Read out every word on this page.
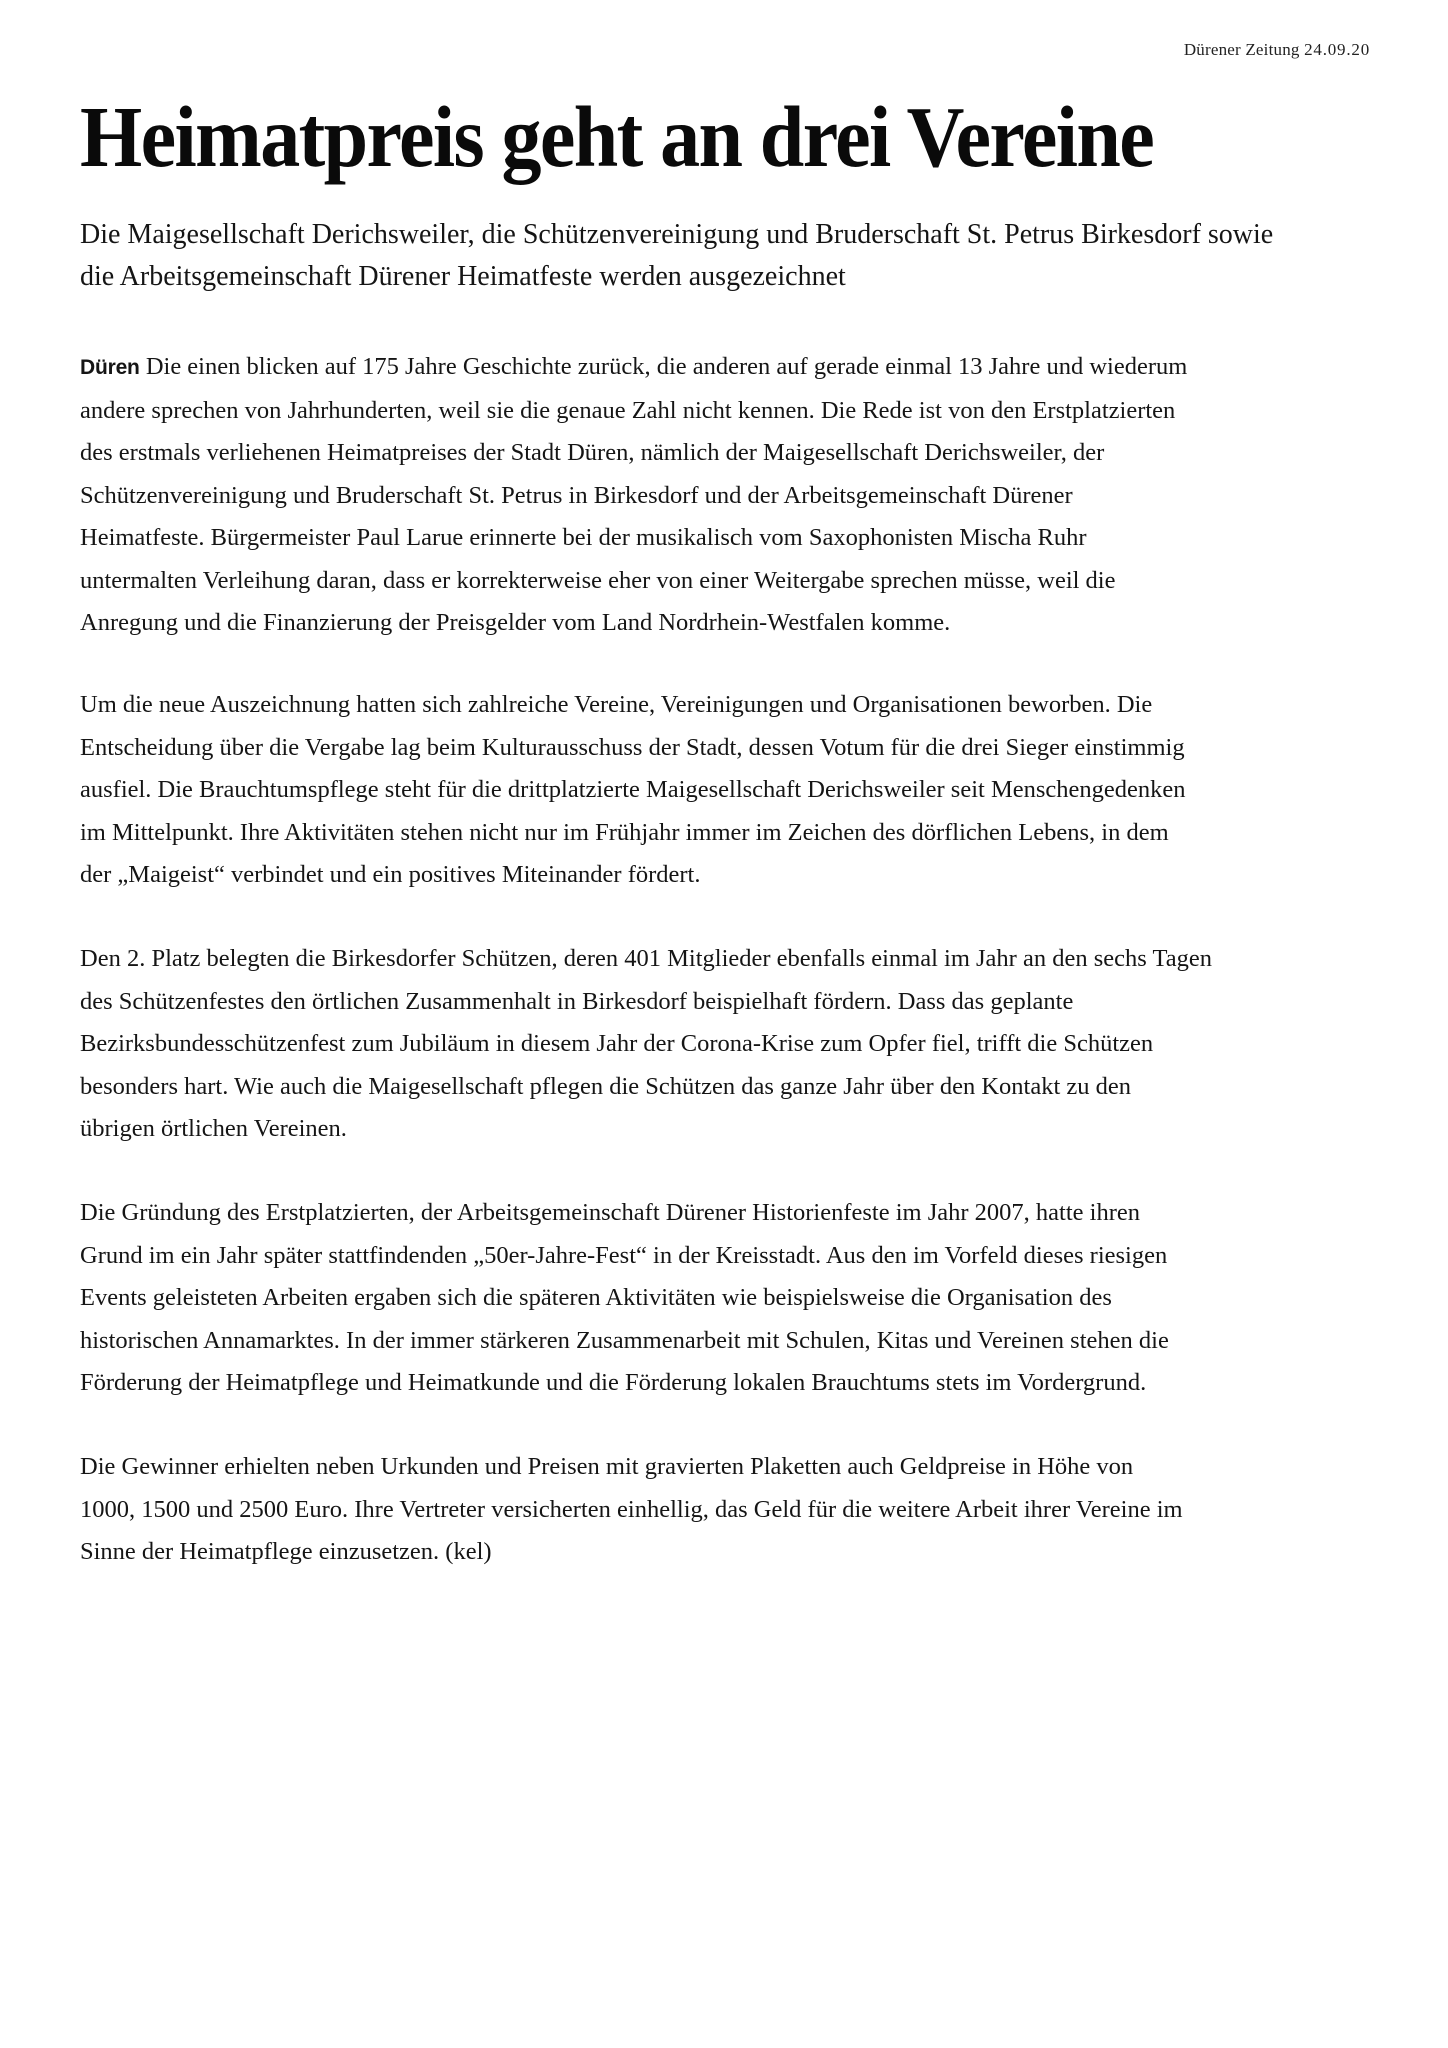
Dürener Zeitung 24.09.20
Heimatpreis geht an drei Vereine
Die Maigesellschaft Derichsweiler, die Schützenvereinigung und Bruderschaft St. Petrus Birkesdorf sowie
die Arbeitsgemeinschaft Dürener Heimatfeste werden ausgezeichnet
Düren Die einen blicken auf 175 Jahre Geschichte zurück, die anderen auf gerade einmal 13 Jahre und wiederum
andere sprechen von Jahrhunderten, weil sie die genaue Zahl nicht kennen. Die Rede ist von den Erstplatzierten
des erstmals verliehenen Heimatpreises der Stadt Düren, nämlich der Maigesellschaft Derichsweiler, der
Schützenvereinigung und Bruderschaft St. Petrus in Birkesdorf und der Arbeitsgemeinschaft Dürener
Heimatfeste. Bürgermeister Paul Larue erinnerte bei der musikalisch vom Saxophonisten Mischa Ruhr
untermalten Verleihung daran, dass er korrekterweise eher von einer Weitergabe sprechen müsse, weil die
Anregung und die Finanzierung der Preisgelder vom Land Nordrhein-Westfalen komme.
Um die neue Auszeichnung hatten sich zahlreiche Vereine, Vereinigungen und Organisationen beworben. Die
Entscheidung über die Vergabe lag beim Kulturausschuss der Stadt, dessen Votum für die drei Sieger einstimmig
ausfiel. Die Brauchtumspflege steht für die drittplatzierte Maigesellschaft Derichsweiler seit Menschengedenken
im Mittelpunkt. Ihre Aktivitäten stehen nicht nur im Frühjahr immer im Zeichen des dörflichen Lebens, in dem
der „Maigeist“ verbindet und ein positives Miteinander fördert.
Den 2. Platz belegten die Birkesdorfer Schützen, deren 401 Mitglieder ebenfalls einmal im Jahr an den sechs Tagen
des Schützenfestes den örtlichen Zusammenhalt in Birkesdorf beispielhaft fördern. Dass das geplante
Bezirksbundesschützenfest zum Jubiläum in diesem Jahr der Corona-Krise zum Opfer fiel, trifft die Schützen
besonders hart. Wie auch die Maigesellschaft pflegen die Schützen das ganze Jahr über den Kontakt zu den
übrigen örtlichen Vereinen.
Die Gründung des Erstplatzierten, der Arbeitsgemeinschaft Dürener Historienfeste im Jahr 2007, hatte ihren
Grund im ein Jahr später stattfindenden „50er-Jahre-Fest“ in der Kreisstadt. Aus den im Vorfeld dieses riesigen
Events geleisteten Arbeiten ergaben sich die späteren Aktivitäten wie beispielsweise die Organisation des
historischen Annamarktes. In der immer stärkeren Zusammenarbeit mit Schulen, Kitas und Vereinen stehen die
Förderung der Heimatpflege und Heimatkunde und die Förderung lokalen Brauchtums stets im Vordergrund.
Die Gewinner erhielten neben Urkunden und Preisen mit gravierten Plaketten auch Geldpreise in Höhe von
1000, 1500 und 2500 Euro. Ihre Vertreter versicherten einhellig, das Geld für die weitere Arbeit ihrer Vereine im
Sinne der Heimatpflege einzusetzen. (kel)
